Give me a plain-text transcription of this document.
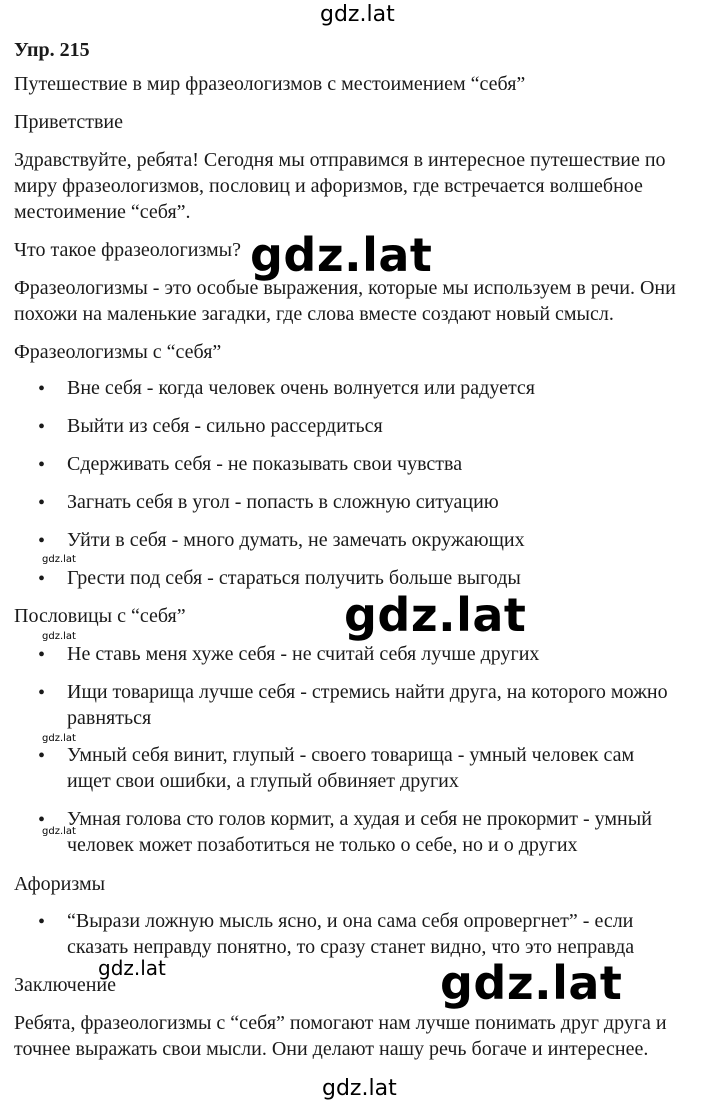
gdz.lat
gdz.lat
gdz.lat
gdz.lat
gdz.lat
gdz.lat
gdz.lat
gdz.lat
gdz.lat
gdz.lat
Упр. 215
Путешествие в мир фразеологизмов с местоимением “себя”
Приветствие
Здравствуйте, ребята! Сегодня мы отправимся в интересное путешествие по
миру фразеологизмов, пословиц и афоризмов, где встречается волшебное
местоимение “себя”.
Что такое фразеологизмы?
Фразеологизмы - это особые выражения, которые мы используем в речи. Они
похожи на маленькие загадки, где слова вместе создают новый смысл.
Фразеологизмы с “себя”
• Вне себя - когда человек очень волнуется или радуется
• Выйти из себя - сильно рассердиться
• Сдерживать себя - не показывать свои чувства
• Загнать себя в угол - попасть в сложную ситуацию
• Уйти в себя - много думать, не замечать окружающих
• Грести под себя - стараться получить больше выгоды
Пословицы с “себя”
• Не ставь меня хуже себя - не считай себя лучше других
• Ищи товарища лучше себя - стремись найти друга, на которого можно
равняться
• Умный себя винит, глупый - своего товарища - умный человек сам
ищет свои ошибки, а глупый обвиняет других
• Умная голова сто голов кормит, а худая и себя не прокормит - умный
человек может позаботиться не только о себе, но и о других
Афоризмы
• “Вырази ложную мысль ясно, и она сама себя опровергнет” - если
сказать неправду понятно, то сразу станет видно, что это неправда
Заключение
Ребята, фразеологизмы с “себя” помогают нам лучше понимать друг друга и
точнее выражать свои мысли. Они делают нашу речь богаче и интереснее.
